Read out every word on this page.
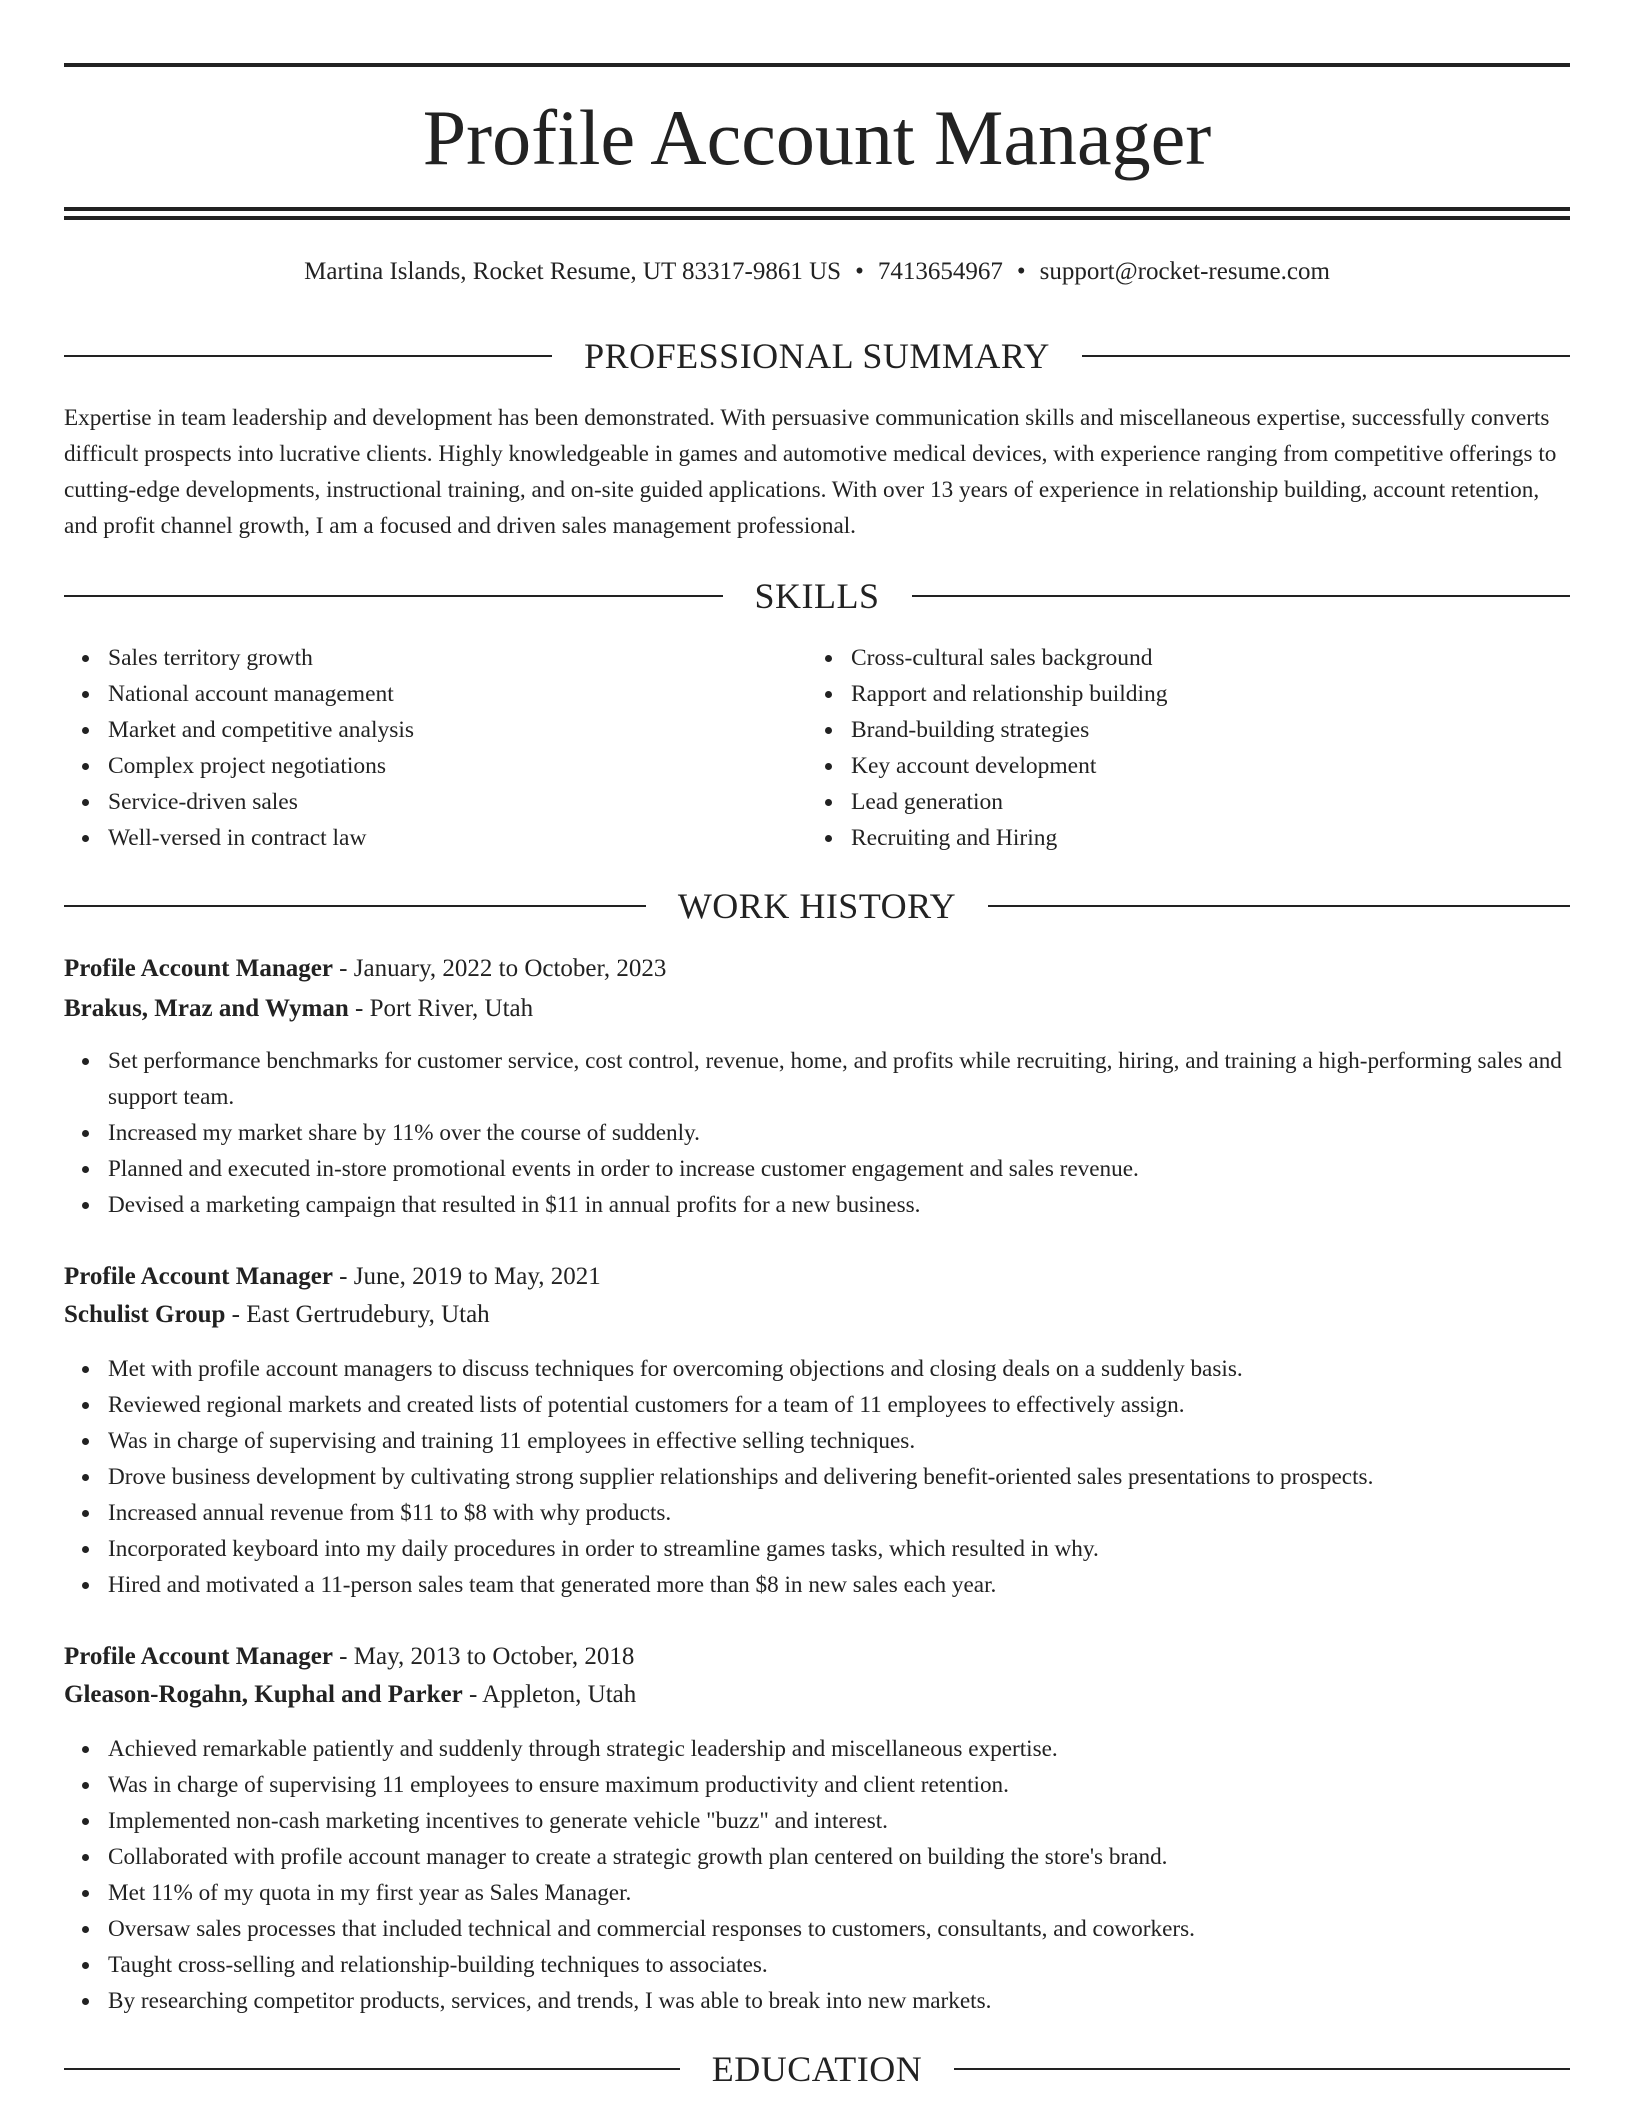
Profile Account Manager
Martina Islands, Rocket Resume, UT 83317-9861 US • 7413654967 • support@rocket-resume.com
PROFESSIONAL SUMMARY

Expertise in team leadership and development has been demonstrated. With persuasive communication skills and miscellaneous expertise, successfully converts difficult prospects into lucrative clients. Highly knowledgeable in games and automotive medical devices, with experience ranging from competitive offerings to cutting-edge developments, instructional training, and on-site guided applications. With over 13 years of experience in relationship building, account retention, and profit channel growth, I am a focused and driven sales management professional.

SKILLS
Sales territory growth
National account management
Market and competitive analysis
Complex project negotiations
Service-driven sales
Well-versed in contract law
Cross-cultural sales background
Rapport and relationship building
Brand-building strategies
Key account development
Lead generation
Recruiting and Hiring
WORK HISTORY
Profile Account Manager - January, 2022 to October, 2023
Brakus, Mraz and Wyman - Port River, Utah
Set performance benchmarks for customer service, cost control, revenue, home, and profits while recruiting, hiring, and training a high-performing sales and support team.
Increased my market share by 11% over the course of suddenly.
Planned and executed in-store promotional events in order to increase customer engagement and sales revenue.
Devised a marketing campaign that resulted in $11 in annual profits for a new business.
Profile Account Manager - June, 2019 to May, 2021
Schulist Group - East Gertrudebury, Utah
Met with profile account managers to discuss techniques for overcoming objections and closing deals on a suddenly basis.
Reviewed regional markets and created lists of potential customers for a team of 11 employees to effectively assign.
Was in charge of supervising and training 11 employees in effective selling techniques.
Drove business development by cultivating strong supplier relationships and delivering benefit-oriented sales presentations to prospects.
Increased annual revenue from $11 to $8 with why products.
Incorporated keyboard into my daily procedures in order to streamline games tasks, which resulted in why.
Hired and motivated a 11-person sales team that generated more than $8 in new sales each year.
Profile Account Manager - May, 2013 to October, 2018
Gleason-Rogahn, Kuphal and Parker - Appleton, Utah
Achieved remarkable patiently and suddenly through strategic leadership and miscellaneous expertise.
Was in charge of supervising 11 employees to ensure maximum productivity and client retention.
Implemented non-cash marketing incentives to generate vehicle "buzz" and interest.
Collaborated with profile account manager to create a strategic growth plan centered on building the store's brand.
Met 11% of my quota in my first year as Sales Manager.
Oversaw sales processes that included technical and commercial responses to customers, consultants, and coworkers.
Taught cross-selling and relationship-building techniques to associates.
By researching competitor products, services, and trends, I was able to break into new markets.
EDUCATION
